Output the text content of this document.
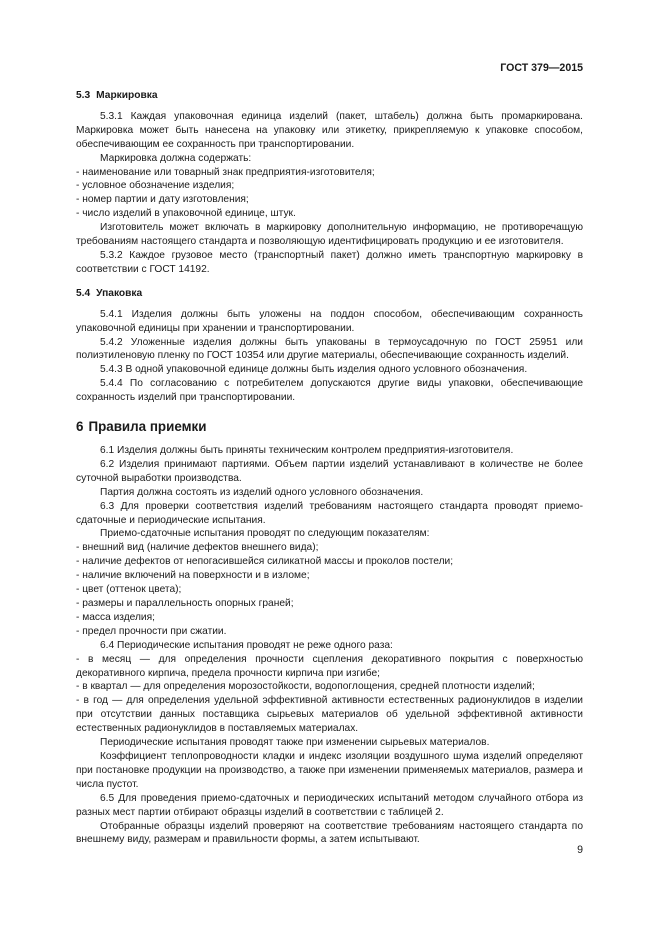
ГОСТ 379—2015
5.3 Маркировка

5.3.1 Каждая упаковочная единица изделий (пакет, штабель) должна быть промаркирована. Маркировка может быть нанесена на упаковку или этикетку, прикрепляемую к упаковке способом, обеспечивающим ее сохранность при транспортировании.

Маркировка должна содержать:

- наименование или товарный знак предприятия-изготовителя;

- условное обозначение изделия;

- номер партии и дату изготовления;

- число изделий в упаковочной единице, штук.

Изготовитель может включать в маркировку дополнительную информацию, не противоречащую требованиям настоящего стандарта и позволяющую идентифицировать продукцию и ее изготовителя.

5.3.2 Каждое грузовое место (транспортный пакет) должно иметь транспортную маркировку в соответствии с ГОСТ 14192.

5.4 Упаковка

5.4.1 Изделия должны быть уложены на поддон способом, обеспечивающим сохранность упаковочной единицы при хранении и транспортировании.

5.4.2 Уложенные изделия должны быть упакованы в термоусадочную по ГОСТ 25951 или полиэтиленовую пленку по ГОСТ 10354 или другие материалы, обеспечивающие сохранность изделий.

5.4.3 В одной упаковочной единице должны быть изделия одного условного обозначения.

5.4.4 По согласованию с потребителем допускаются другие виды упаковки, обеспечивающие сохранность изделий при транспортировании.

6 Правила приемки

6.1 Изделия должны быть приняты техническим контролем предприятия-изготовителя.

6.2 Изделия принимают партиями. Объем партии изделий устанавливают в количестве не более суточной выработки производства.

Партия должна состоять из изделий одного условного обозначения.

6.3 Для проверки соответствия изделий требованиям настоящего стандарта проводят приемо-сдаточные и периодические испытания.

Приемо-сдаточные испытания проводят по следующим показателям:

- внешний вид (наличие дефектов внешнего вида);

- наличие дефектов от непогасившейся силикатной массы и проколов постели;

- наличие включений на поверхности и в изломе;

- цвет (оттенок цвета);

- размеры и параллельность опорных граней;

- масса изделия;

- предел прочности при сжатии.

6.4 Периодические испытания проводят не реже одного раза:

- в месяц — для определения прочности сцепления декоративного покрытия с поверхностью декоративного кирпича, предела прочности кирпича при изгибе;

- в квартал — для определения морозостойкости, водопоглощения, средней плотности изделий;

- в год — для определения удельной эффективной активности естественных радионуклидов в изделии при отсутствии данных поставщика сырьевых материалов об удельной эффективной активности естественных радионуклидов в поставляемых материалах.

Периодические испытания проводят также при изменении сырьевых материалов.

Коэффициент теплопроводности кладки и индекс изоляции воздушного шума изделий определяют при постановке продукции на производство, а также при изменении применяемых материалов, размера и числа пустот.

6.5 Для проведения приемо-сдаточных и периодических испытаний методом случайного отбора из разных мест партии отбирают образцы изделий в соответствии с таблицей 2.

Отобранные образцы изделий проверяют на соответствие требованиям настоящего стандарта по внешнему виду, размерам и правильности формы, а затем испытывают.

9
